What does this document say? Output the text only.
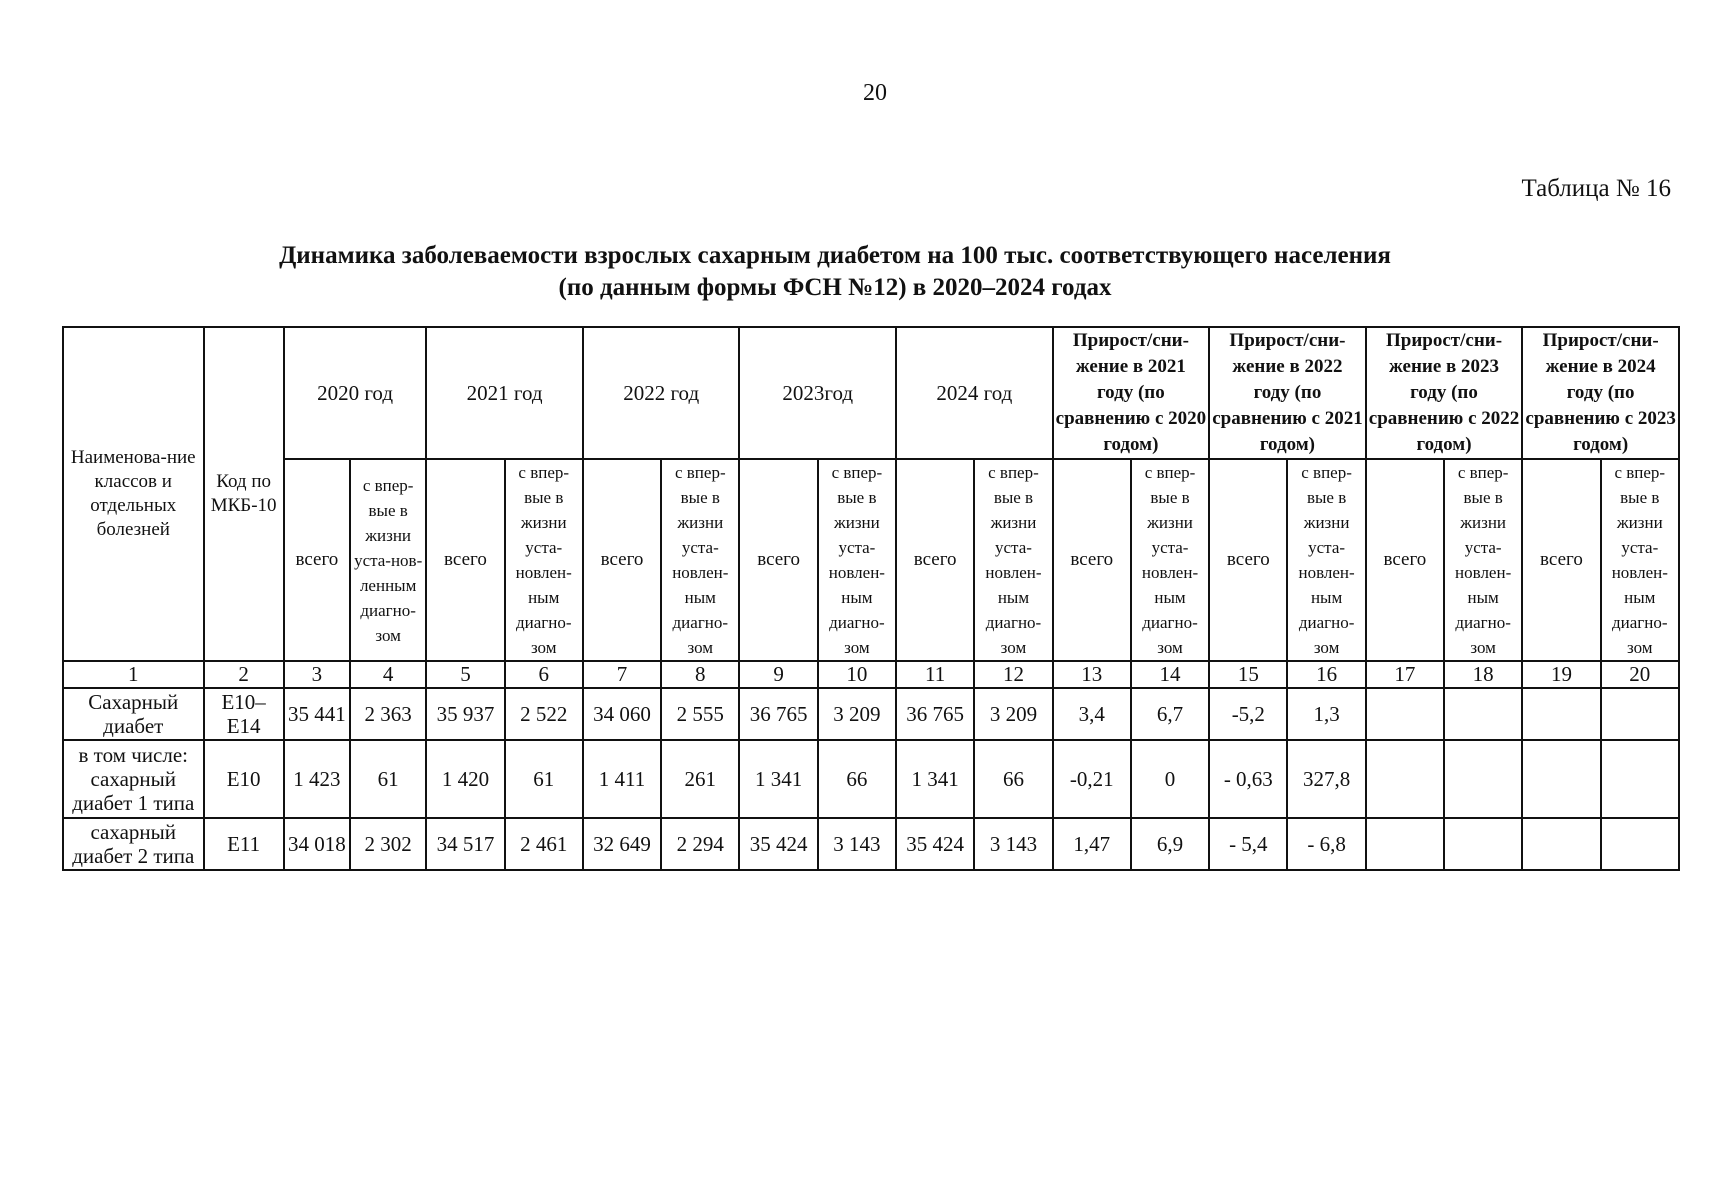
20
Таблица № 16
Динамика заболеваемости взрослых сахарным диабетом на 100 тыс. соответствующего населения
(по данным формы ФСН №12) в 2020–2024 годах
Наименова-ние классов и отдельных болезней	Код по МКБ-10	2020 год		2021 год		2022 год		2023год		2024 год		Прирост/сни-жение в 2021 году (по сравнению с 2020 годом)		Прирост/сни-жение в 2022 году (по сравнению с 2021 годом)		Прирост/сни-жение в 2023 году (по сравнению с 2022 годом)		Прирост/сни-жение в 2024 году (по сравнению с 2023 годом)	
		всего	с впер-вые в жизни уста-нов-ленным диагно-зом	всего	с впер-вые в жизни уста-новлен-ным диагно-зом	всего	с впер-вые в жизни уста-новлен-ным диагно-зом	всего	с впер-вые в жизни уста-новлен-ным диагно-зом	всего	с впер-вые в жизни уста-новлен-ным диагно-зом	всего	с впер-вые в жизни уста-новлен-ным диагно-зом	всего	с впер-вые в жизни уста-новлен-ным диагно-зом	всего	с впер-вые в жизни уста-новлен-ным диагно-зом	всего	с впер-вые в жизни уста-новлен-ным диагно-зом
1	2	3	4	5	6	7	8	9	10	11	12	13	14	15	16	17	18	19	20
Сахарный диабет	E10–E14	35 441	2 363	35 937	2 522	34 060	2 555	36 765	3 209	36 765	3 209	3,4	6,7	-5,2	1,3				
в том числе: сахарный диабет 1 типа	E10	1 423	61	1 420	61	1 411	261	1 341	66	1 341	66	-0,21	0	- 0,63	327,8				
сахарный диабет 2 типа	E11	34 018	2 302	34 517	2 461	32 649	2 294	35 424	3 143	35 424	3 143	1,47	6,9	- 5,4	- 6,8				
